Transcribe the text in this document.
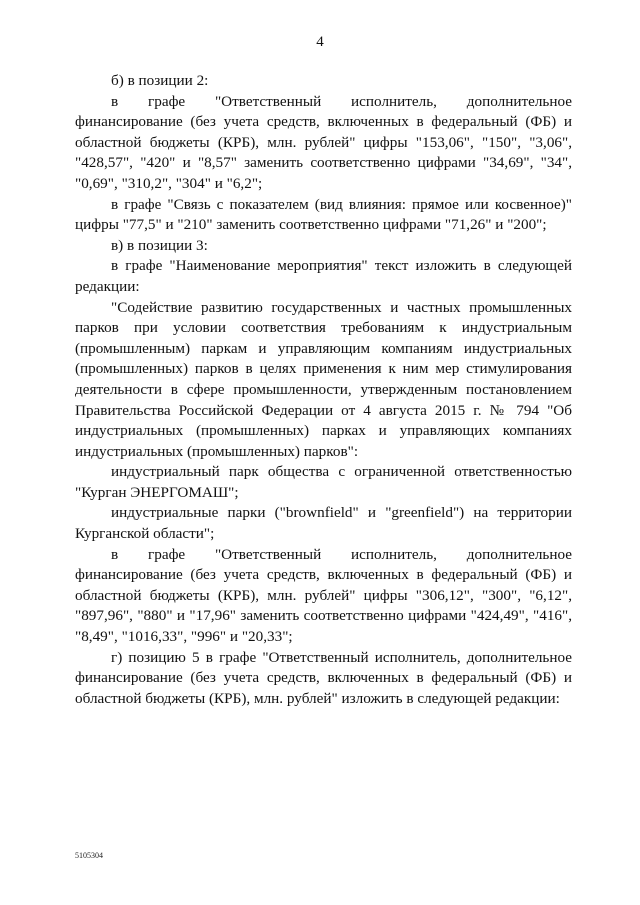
4

б) в позиции 2:

в графе "Ответственный исполнитель, дополнительное финансирование (без учета средств, включенных в федеральный (ФБ) и областной бюджеты (КРБ), млн. рублей" цифры "153,06", "150", "3,06", "428,57", "420" и "8,57" заменить соответственно цифрами "34,69", "34", "0,69", "310,2", "304" и "6,2";

в графе "Связь с показателем (вид влияния: прямое или косвенное)" цифры "77,5" и "210" заменить соответственно цифрами "71,26" и "200";

в) в позиции 3:

в графе "Наименование мероприятия" текст изложить в следующей редакции:

"Содействие развитию государственных и частных промышленных парков при условии соответствия требованиям к индустриальным (промышленным) паркам и управляющим компаниям индустриальных (промышленных) парков в целях применения к ним мер стимулирования деятельности в сфере промышленности, утвержденным постановлением Правительства Российской Федерации от 4 августа 2015 г. № 794 "Об индустриальных (промышленных) парках и управляющих компаниях индустриальных (промышленных) парков":

индустриальный парк общества с ограниченной ответственностью "Курган ЭНЕРГОМАШ";

индустриальные парки ("brownfield" и "greenfield") на территории Курганской области";

в графе "Ответственный исполнитель, дополнительное финансирование (без учета средств, включенных в федеральный (ФБ) и областной бюджеты (КРБ), млн. рублей" цифры "306,12", "300", "6,12", "897,96", "880" и "17,96" заменить соответственно цифрами "424,49", "416", "8,49", "1016,33", "996" и "20,33";

г) позицию 5 в графе "Ответственный исполнитель, дополнительное финансирование (без учета средств, включенных в федеральный (ФБ) и областной бюджеты (КРБ), млн. рублей" изложить в следующей редакции:

5105304
